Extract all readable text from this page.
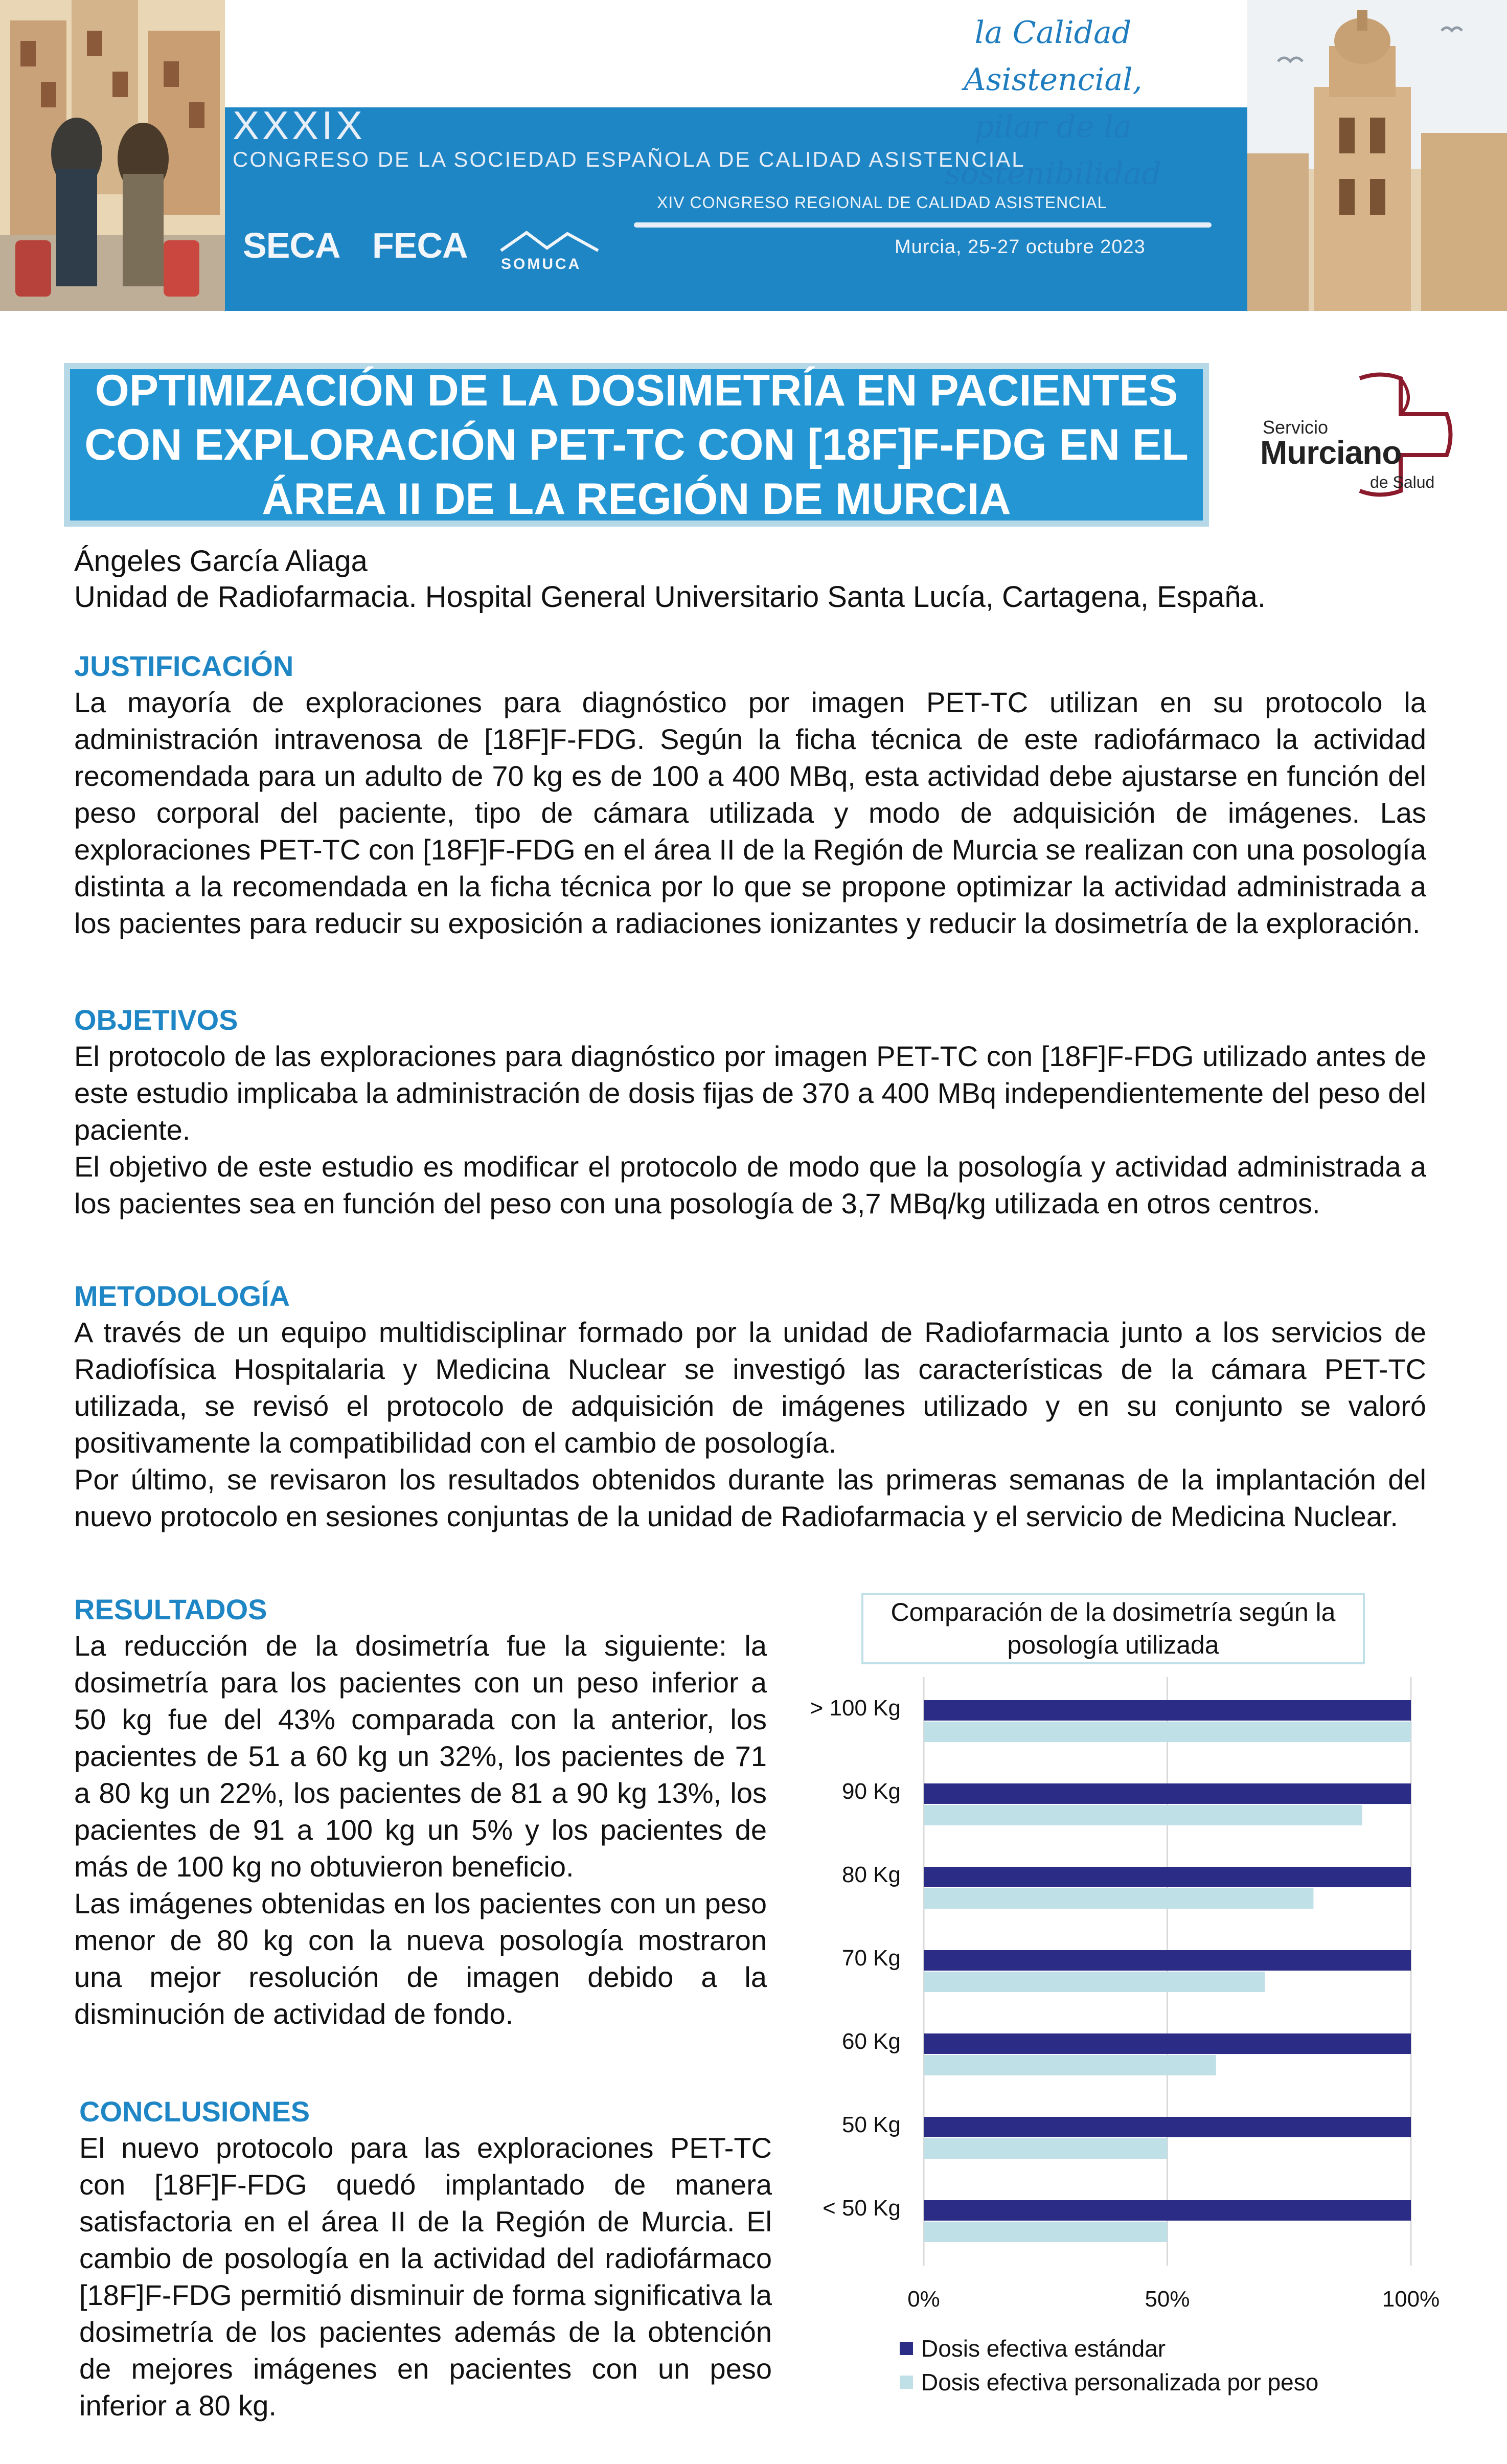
la Calidad Asistencial,
pilar de la sostenibilidad
XXXIX
CONGRESO DE LA SOCIEDAD ESPAÑOLA DE CALIDAD ASISTENCIAL
XIV CONGRESO REGIONAL DE CALIDAD ASISTENCIAL
Murcia, 25-27 octubre 2023
SECA FECA SOMUCA
OPTIMIZACIÓN DE LA DOSIMETRÍA EN PACIENTES
CON EXPLORACIÓN PET-TC CON [18F]F-FDG EN EL
ÁREA II DE LA REGIÓN DE MURCIA
Servicio
Murciano
de Salud
Ángeles García Aliaga
Unidad de Radiofarmacia. Hospital General Universitario Santa Lucía, Cartagena, España.
JUSTIFICACIÓN

La mayoría de exploraciones para diagnóstico por imagen PET-TC utilizan en su protocolo la administración intravenosa de [18F]F-FDG. Según la ficha técnica de este radiofármaco la actividad recomendada para un adulto de 70 kg es de 100 a 400 MBq, esta actividad debe ajustarse en función del peso corporal del paciente, tipo de cámara utilizada y modo de adquisición de imágenes. Las exploraciones PET-TC con [18F]F-FDG en el área II de la Región de Murcia se realizan con una posología distinta a la recomendada en la ficha técnica por lo que se propone optimizar la actividad administrada a los pacientes para reducir su exposición a radiaciones ionizantes y reducir la dosimetría de la exploración.

OBJETIVOS

El protocolo de las exploraciones para diagnóstico por imagen PET-TC con [18F]F-FDG utilizado antes de este estudio implicaba la administración de dosis fijas de 370 a 400 MBq independientemente del peso del paciente.

El objetivo de este estudio es modificar el protocolo de modo que la posología y actividad administrada a los pacientes sea en función del peso con una posología de 3,7 MBq/kg utilizada en otros centros.

METODOLOGÍA

A través de un equipo multidisciplinar formado por la unidad de Radiofarmacia junto a los servicios de Radiofísica Hospitalaria y Medicina Nuclear se investigó las características de la cámara PET-TC utilizada, se revisó el protocolo de adquisición de imágenes utilizado y en su conjunto se valoró positivamente la compatibilidad con el cambio de posología.

Por último, se revisaron los resultados obtenidos durante las primeras semanas de la implantación del nuevo protocolo en sesiones conjuntas de la unidad de Radiofarmacia y el servicio de Medicina Nuclear.

RESULTADOS

La reducción de la dosimetría fue la siguiente: la dosimetría para los pacientes con un peso inferior a 50 kg fue del 43% comparada con la anterior, los pacientes de 51 a 60 kg un 32%, los pacientes de 71 a 80 kg un 22%, los pacientes de 81 a 90 kg 13%, los pacientes de 91 a 100 kg un 5% y los pacientes de más de 100 kg no obtuvieron beneficio.

Las imágenes obtenidas en los pacientes con un peso menor de 80 kg con la nueva posología mostraron una mejor resolución de imagen debido a la disminución de actividad de fondo.

CONCLUSIONES

El nuevo protocolo para las exploraciones PET-TC con [18F]F-FDG quedó implantado de manera satisfactoria en el área II de la Región de Murcia. El cambio de posología en la actividad del radiofármaco [18F]F-FDG permitió disminuir de forma significativa la dosimetría de los pacientes además de la obtención de mejores imágenes en pacientes con un peso inferior a 80 kg.

Comparación de la dosimetría según la posología utilizada
> 100 Kg
90 Kg
80 Kg
70 Kg
60 Kg
50 Kg
< 50 Kg
0%	50%	100%
Dosis efectiva estándar
Dosis efectiva personalizada por peso
